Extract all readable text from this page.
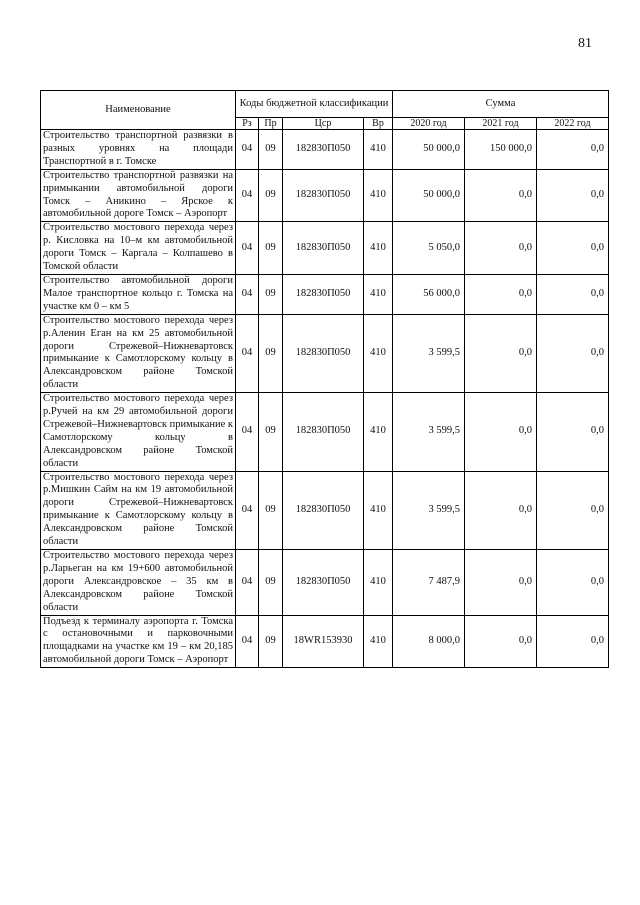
81
Наименование	Коды бюджетной классификации				Сумма		
	Рз	Пр	Цср	Вр	2020 год	2021 год	2022 год
Строительство транспортной развязки в разных уровнях на площади Транспортной в г. Томске	04	09	182830П050	410	50 000,0	150 000,0	0,0
Строительство транспортной развязки на примыкании автомобильной дороги Томск – Аникино – Ярское к автомобильной дороге Томск – Аэропорт	04	09	182830П050	410	50 000,0	0,0	0,0
Строительство мостового перехода через р. Кисловка на 10–м км автомобильной дороги Томск – Каргала – Колпашево в Томской области	04	09	182830П050	410	5 050,0	0,0	0,0
Строительство автомобильной дороги Малое транспортное кольцо г. Томска на участке км 0 – км 5	04	09	182830П050	410	56 000,0	0,0	0,0
Строительство мостового перехода через р.Аленин Еган на км 25 автомобильной дороги Стрежевой–Нижневартовск примыкание к Самотлорскому кольцу в Александровском районе Томской области	04	09	182830П050	410	3 599,5	0,0	0,0
Строительство мостового перехода через р.Ручей на км 29 автомобильной дороги Стрежевой–Нижневартовск примыкание к Самотлорскому кольцу в Александровском районе Томской области	04	09	182830П050	410	3 599,5	0,0	0,0
Строительство мостового перехода через р.Мишкин Сайм на км 19 автомобильной дороги Стрежевой–Нижневартовск примыкание к Самотлорскому кольцу в Александровском районе Томской области	04	09	182830П050	410	3 599,5	0,0	0,0
Строительство мостового перехода через р.Ларьеган на км 19+600 автомобильной дороги Александровское – 35 км в Александровском районе Томской области	04	09	182830П050	410	7 487,9	0,0	0,0
Подъезд к терминалу аэропорта г. Томска с остановочными и парковочными площадками на участке км 19 – км 20,185 автомобильной дороги Томск – Аэропорт	04	09	18WR153930	410	8 000,0	0,0	0,0
